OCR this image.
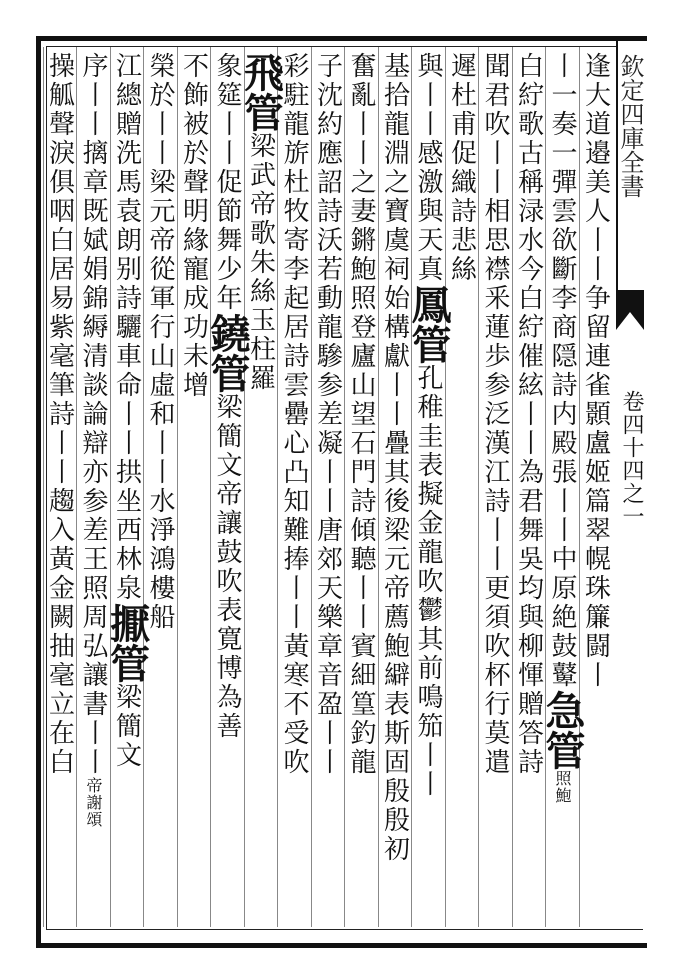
欽定四庫全書
卷四十四之一
逢大道邉美人丨丨争留連雀顥盧姬篇翠幌珠簾闘丨
丨一奏一彈雲欲斷李商隠詩内殿張丨丨中原絶鼓鼙急管照鮑
白紵歌古稱渌水今白紵催絃丨丨為君舞吳均與柳惲贈答詩
聞君吹丨丨相思襟釆蓮歩参泛漢江詩丨丨更須吹杯行莫遣
遲杜甫促織詩悲絲
與丨丨感激與天真鳳管孔稚圭表擬金龍吹鬱其前鳴笳丨丨
基拾龍淵之寶虞祠始構獻丨丨疊其後梁元帝薦鮑䌟表斯固殷殷初
奮亂丨丨之妻鏘鮑照登廬山望石門詩傾聽丨丨賓細篁釣龍
子沈約應詔詩沃若動龍驂参差凝丨丨唐郊天樂章音盈丨丨
彩駐龍旂杜牧寄李起居詩雲罍心凸知難捧丨丨黃寒不受吹
飛管梁武帝歌朱絲玉柱羅
象筵丨丨促節舞少年鐃管梁簡文帝讓鼓吹表寛博為善
不飾被於聲明緣寵成功未增
榮於丨丨梁元帝從軍行山虛和丨丨水淨鴻樓船
江總贈洗馬袁朗别詩驪車命丨丨拱坐西林泉擫管梁簡文
序丨丨摛章既娬娟錦縟清談論辯亦参差王照周弘讓書丨丨帝謝頌
操觚聲淚俱咽白居易紫毫筆詩丨丨趨入黃金闕抽毫立在白
